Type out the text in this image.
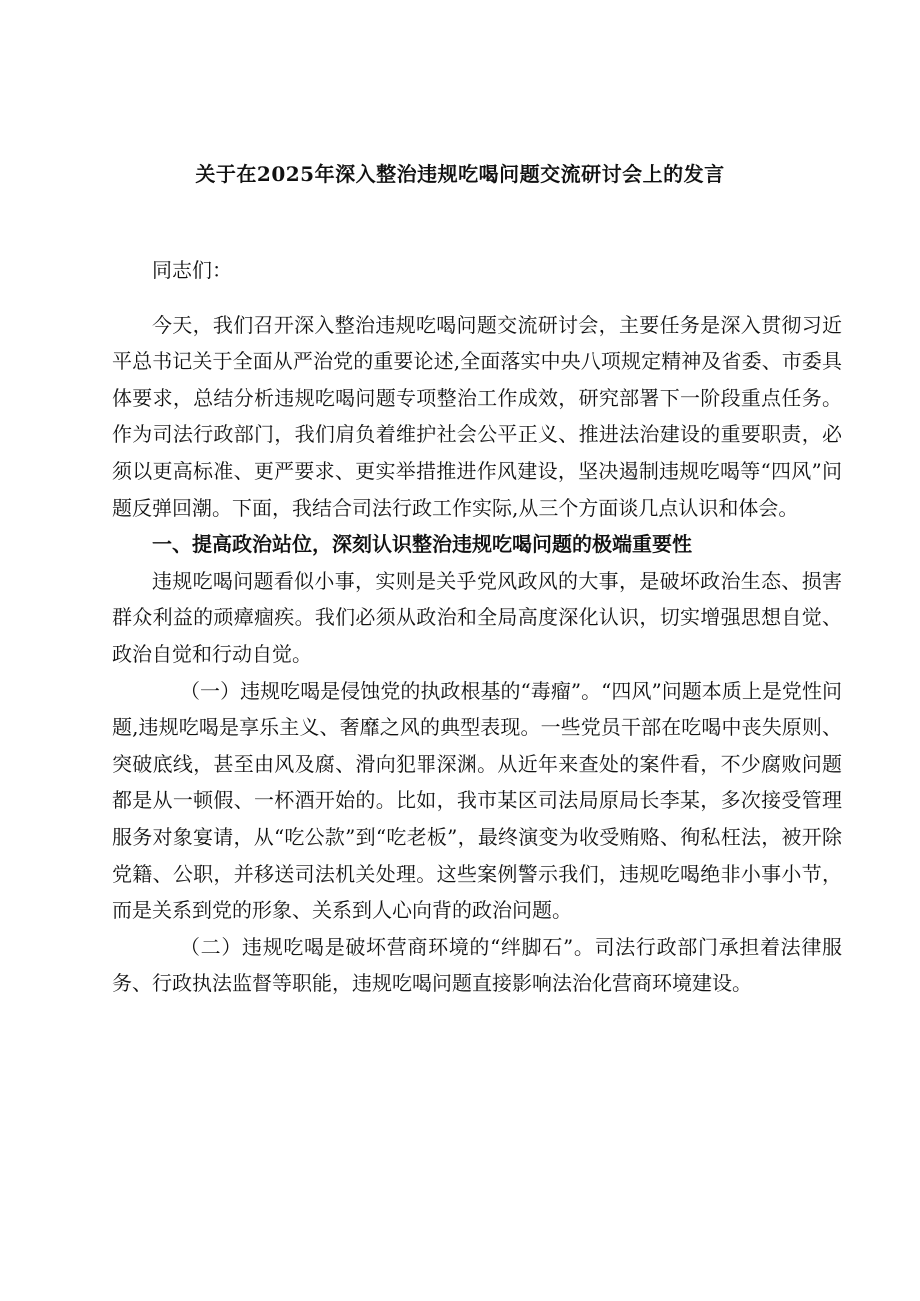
关于在2025年深入整治违规吃喝问题交流研讨会上的发言

同志们：

今天，我们召开深入整治违规吃喝问题交流研讨会，主要任务是深入贯彻习近平总书记关于全面从严治党的重要论述,全面落实中央八项规定精神及省委、市委具体要求，总结分析违规吃喝问题专项整治工作成效，研究部署下一阶段重点任务。作为司法行政部门，我们肩负着维护社会公平正义、推进法治建设的重要职责，必须以更高标准、更严要求、更实举措推进作风建设，坚决遏制违规吃喝等“四风”问题反弹回潮。下面，我结合司法行政工作实际,从三个方面谈几点认识和体会。

一、提高政治站位，深刻认识整治违规吃喝问题的极端重要性

违规吃喝问题看似小事，实则是关乎党风政风的大事，是破坏政治生态、损害群众利益的顽瘴痼疾。我们必须从政治和全局高度深化认识，切实增强思想自觉、政治自觉和行动自觉。

（一）违规吃喝是侵蚀党的执政根基的“毒瘤”。“四风”问题本质上是党性问题,违规吃喝是享乐主义、奢靡之风的典型表现。一些党员干部在吃喝中丧失原则、突破底线，甚至由风及腐、滑向犯罪深渊。从近年来查处的案件看，不少腐败问题都是从一顿假、一杯酒开始的。比如，我市某区司法局原局长李某，多次接受管理服务对象宴请，从“吃公款”到“吃老板”，最终演变为收受贿赂、徇私枉法，被开除党籍、公职，并移送司法机关处理。这些案例警示我们，违规吃喝绝非小事小节，而是关系到党的形象、关系到人心向背的政治问题。

（二）违规吃喝是破坏营商环境的“绊脚石”。司法行政部门承担着法律服务、行政执法监督等职能，违规吃喝问题直接影响法治化营商环境建设。
